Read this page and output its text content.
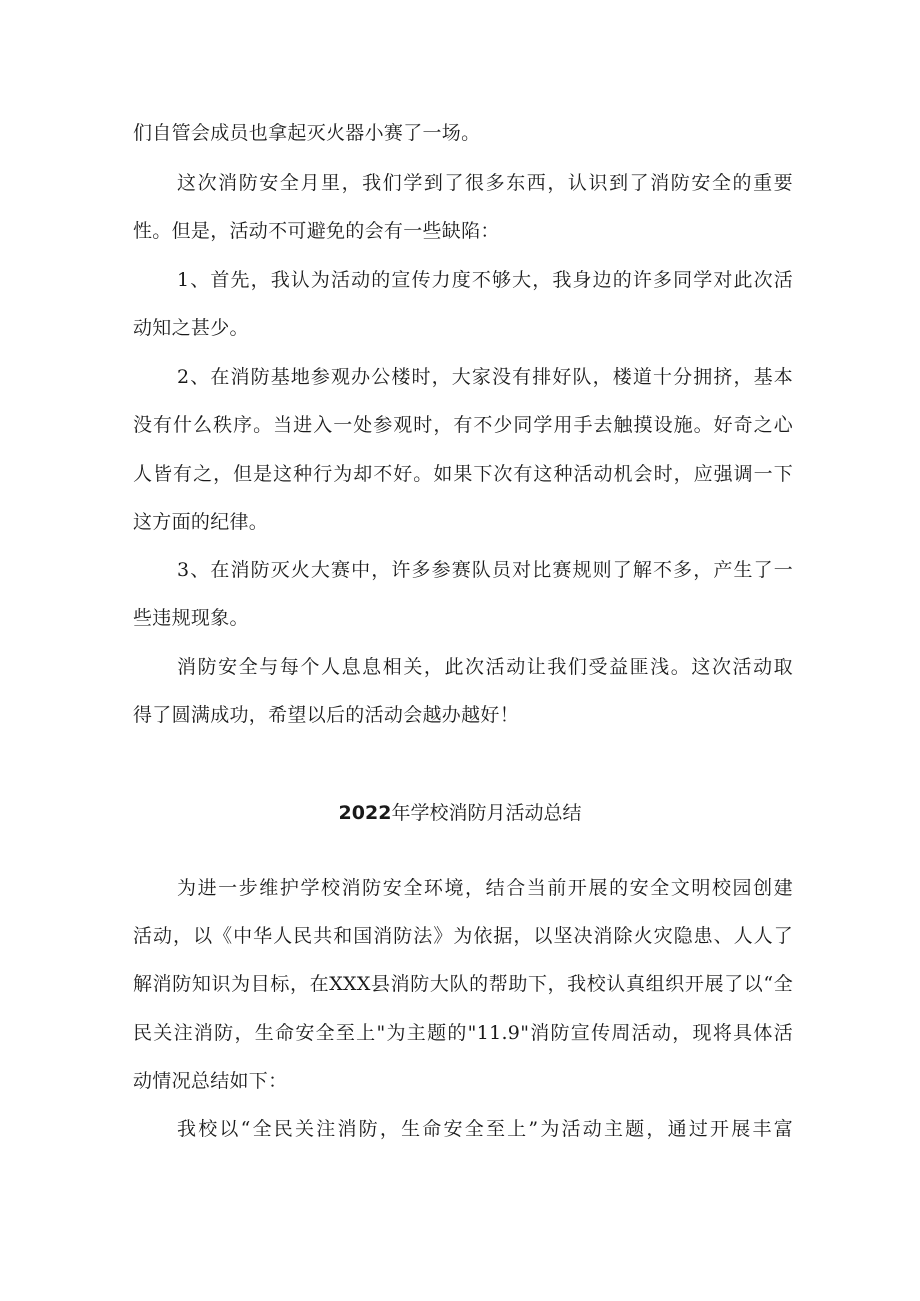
们自管会成员也拿起灭火器小赛了一场。
这次消防安全月里，我们学到了很多东西，认识到了消防安全的重要
性。但是，活动不可避免的会有一些缺陷：
1、首先，我认为活动的宣传力度不够大，我身边的许多同学对此次活
动知之甚少。
2、在消防基地参观办公楼时，大家没有排好队，楼道十分拥挤，基本
没有什么秩序。当进入一处参观时，有不少同学用手去触摸设施。好奇之心
人皆有之，但是这种行为却不好。如果下次有这种活动机会时，应强调一下
这方面的纪律。
3、在消防灭火大赛中，许多参赛队员对比赛规则了解不多，产生了一
些违规现象。
消防安全与每个人息息相关，此次活动让我们受益匪浅。这次活动取
得了圆满成功，希望以后的活动会越办越好！
2022年学校消防月活动总结
为进一步维护学校消防安全环境，结合当前开展的安全文明校园创建
活动，以《中华人民共和国消防法》为依据，以坚决消除火灾隐患、人人了
解消防知识为目标，在XXX县消防大队的帮助下，我校认真组织开展了以“全
民关注消防，生命安全至上"为主题的"11.9"消防宣传周活动，现将具体活
动情况总结如下：
我校以“全民关注消防，生命安全至上”为活动主题，通过开展丰富
